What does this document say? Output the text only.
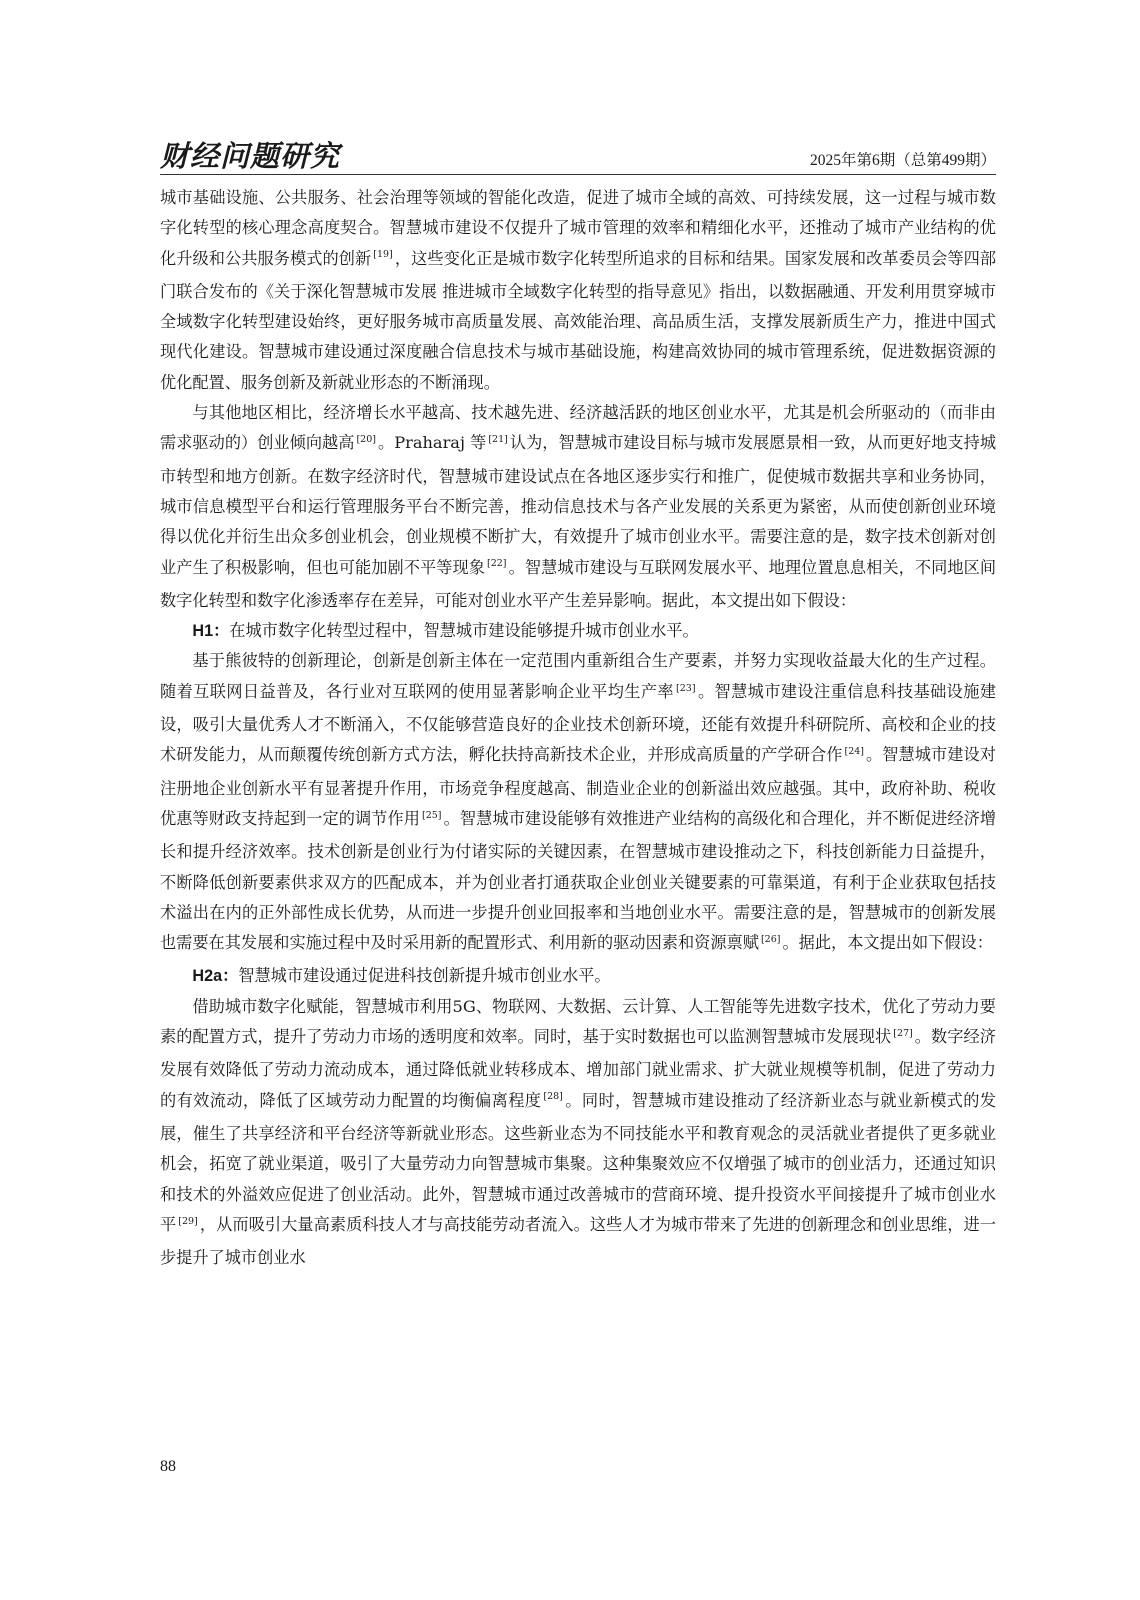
财经问题研究	2025年第6期（总第499期）

城市基础设施、公共服务、社会治理等领域的智能化改造，促进了城市全域的高效、可持续发展，这一过程与城市数字化转型的核心理念高度契合。智慧城市建设不仅提升了城市管理的效率和精细化水平，还推动了城市产业结构的优化升级和公共服务模式的创新 [19] ，这些变化正是城市数字化转型所追求的目标和结果。国家发展和改革委员会等四部门联合发布的《关于深化智慧城市发展 推进城市全域数字化转型的指导意见》指出，以数据融通、开发利用贯穿城市全域数字化转型建设始终，更好服务城市高质量发展、高效能治理、高品质生活，支撑发展新质生产力，推进中国式现代化建设。智慧城市建设通过深度融合信息技术与城市基础设施，构建高效协同的城市管理系统，促进数据资源的优化配置、服务创新及新就业形态的不断涌现。

与其他地区相比，经济增长水平越高、技术越先进、经济越活跃的地区创业水平，尤其是机会所驱动的（而非由需求驱动的）创业倾向越高 [20] 。Praharaj 等 [21] 认为，智慧城市建设目标与城市发展愿景相一致，从而更好地支持城市转型和地方创新。在数字经济时代，智慧城市建设试点在各地区逐步实行和推广，促使城市数据共享和业务协同，城市信息模型平台和运行管理服务平台不断完善，推动信息技术与各产业发展的关系更为紧密，从而使创新创业环境得以优化并衍生出众多创业机会，创业规模不断扩大，有效提升了城市创业水平。需要注意的是，数字技术创新对创业产生了积极影响，但也可能加剧不平等现象 [22] 。智慧城市建设与互联网发展水平、地理位置息息相关，不同地区间数字化转型和数字化渗透率存在差异，可能对创业水平产生差异影响。据此，本文提出如下假设：

H1：在城市数字化转型过程中，智慧城市建设能够提升城市创业水平。

基于熊彼特的创新理论，创新是创新主体在一定范围内重新组合生产要素，并努力实现收益最大化的生产过程。随着互联网日益普及，各行业对互联网的使用显著影响企业平均生产率 [23] 。智慧城市建设注重信息科技基础设施建设，吸引大量优秀人才不断涌入，不仅能够营造良好的企业技术创新环境，还能有效提升科研院所、高校和企业的技术研发能力，从而颠覆传统创新方式方法，孵化扶持高新技术企业，并形成高质量的产学研合作 [24] 。智慧城市建设对注册地企业创新水平有显著提升作用，市场竞争程度越高、制造业企业的创新溢出效应越强。其中，政府补助、税收优惠等财政支持起到一定的调节作用 [25] 。智慧城市建设能够有效推进产业结构的高级化和合理化，并不断促进经济增长和提升经济效率。技术创新是创业行为付诸实际的关键因素，在智慧城市建设推动之下，科技创新能力日益提升，不断降低创新要素供求双方的匹配成本，并为创业者打通获取企业创业关键要素的可靠渠道，有利于企业获取包括技术溢出在内的正外部性成长优势，从而进一步提升创业回报率和当地创业水平。需要注意的是，智慧城市的创新发展也需要在其发展和实施过程中及时采用新的配置形式、利用新的驱动因素和资源禀赋 [26] 。据此，本文提出如下假设：

H2a：智慧城市建设通过促进科技创新提升城市创业水平。

借助城市数字化赋能，智慧城市利用5G、物联网、大数据、云计算、人工智能等先进数字技术，优化了劳动力要素的配置方式，提升了劳动力市场的透明度和效率。同时，基于实时数据也可以监测智慧城市发展现状 [27] 。数字经济发展有效降低了劳动力流动成本，通过降低就业转移成本、增加部门就业需求、扩大就业规模等机制，促进了劳动力的有效流动，降低了区域劳动力配置的均衡偏离程度 [28] 。同时，智慧城市建设推动了经济新业态与就业新模式的发展，催生了共享经济和平台经济等新就业形态。这些新业态为不同技能水平和教育观念的灵活就业者提供了更多就业机会，拓宽了就业渠道，吸引了大量劳动力向智慧城市集聚。这种集聚效应不仅增强了城市的创业活力，还通过知识和技术的外溢效应促进了创业活动。此外，智慧城市通过改善城市的营商环境、提升投资水平间接提升了城市创业水平 [29] ，从而吸引大量高素质科技人才与高技能劳动者流入。这些人才为城市带来了先进的创新理念和创业思维，进一步提升了城市创业水

88
